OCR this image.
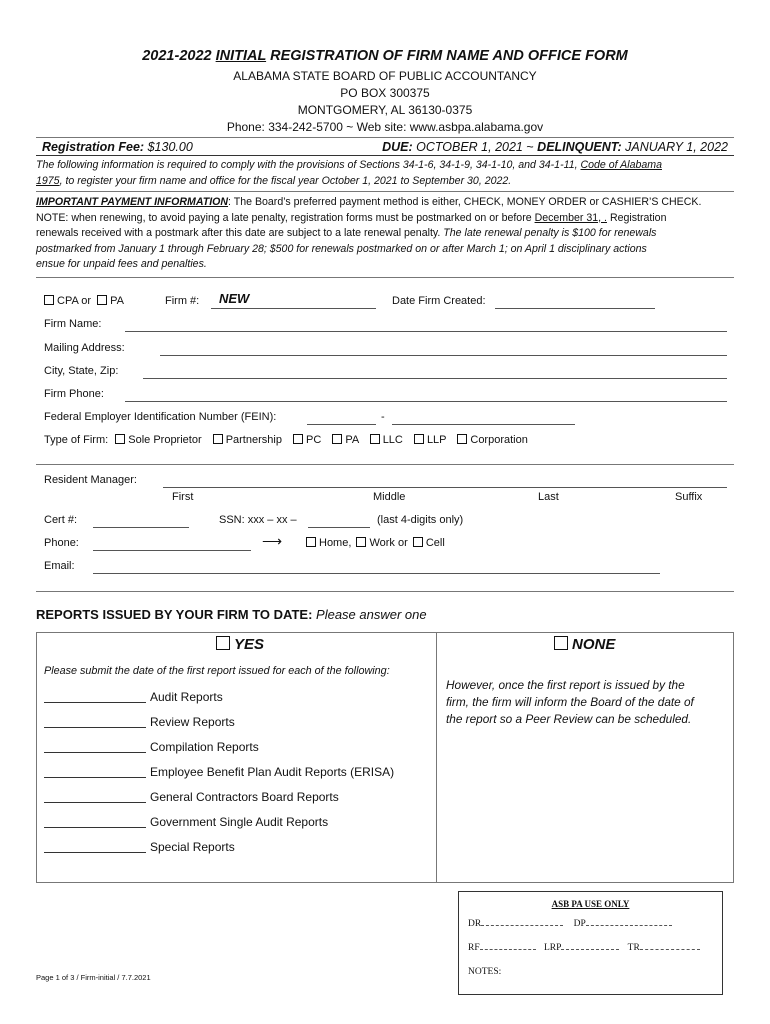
2021-2022 INITIAL REGISTRATION OF FIRM NAME AND OFFICE FORM
ALABAMA STATE BOARD OF PUBLIC ACCOUNTANCY
PO BOX 300375
MONTGOMERY, AL 36130-0375
Phone: 334-242-5700 ~ Web site: www.asbpa.alabama.gov
Registration Fee: $130.00	DUE: OCTOBER 1, 2021 ~ DELINQUENT: JANUARY 1, 2022
The following information is required to comply with the provisions of Sections 34-1-6, 34-1-9, 34-1-10, and 34-1-11, Code of Alabama
1975, to register your firm name and office for the fiscal year October 1, 2021 to September 30, 2022.
IMPORTANT PAYMENT INFORMATION: The Board’s preferred payment method is either, CHECK, MONEY ORDER or CASHIER’S CHECK.
NOTE: when renewing, to avoid paying a late penalty, registration forms must be postmarked on or before December 31, . Registration
renewals received with a postmark after this date are subject to a late renewal penalty. The late renewal penalty is $100 for renewals
postmarked from January 1 through February 28; $500 for renewals postmarked on or after March 1; on April 1 disciplinary actions
ensue for unpaid fees and penalties.
CPA or PA	Firm #: NEW	Date Firm Created:
Firm Name:
Mailing Address:
City, State, Zip:
Firm Phone:
Federal Employer Identification Number (FEIN):	-
Type of Firm: Sole Proprietor Partnership PC PA LLC LLP Corporation
Resident Manager:
First	Middle	Last	Suffix
Cert #:	SSN: xxx – xx –	(last 4-digits only)
Phone:	⟶	Home, Work or Cell
Email:
REPORTS ISSUED BY YOUR FIRM TO DATE: Please answer one
YES	NONE
Please submit the date of the first report issued for each of the following:
Audit Reports
Review Reports
Compilation Reports
Employee Benefit Plan Audit Reports (ERISA)
General Contractors Board Reports
Government Single Audit Reports
Special Reports
However, once the first report is issued by the
firm, the firm will inform the Board of the date of
the report so a Peer Review can be scheduled.
ASB PA USE ONLY
DR	DP
RF	LRP	TR
NOTES:
Page 1 of 3 / Firm-initial / 7.7.2021
